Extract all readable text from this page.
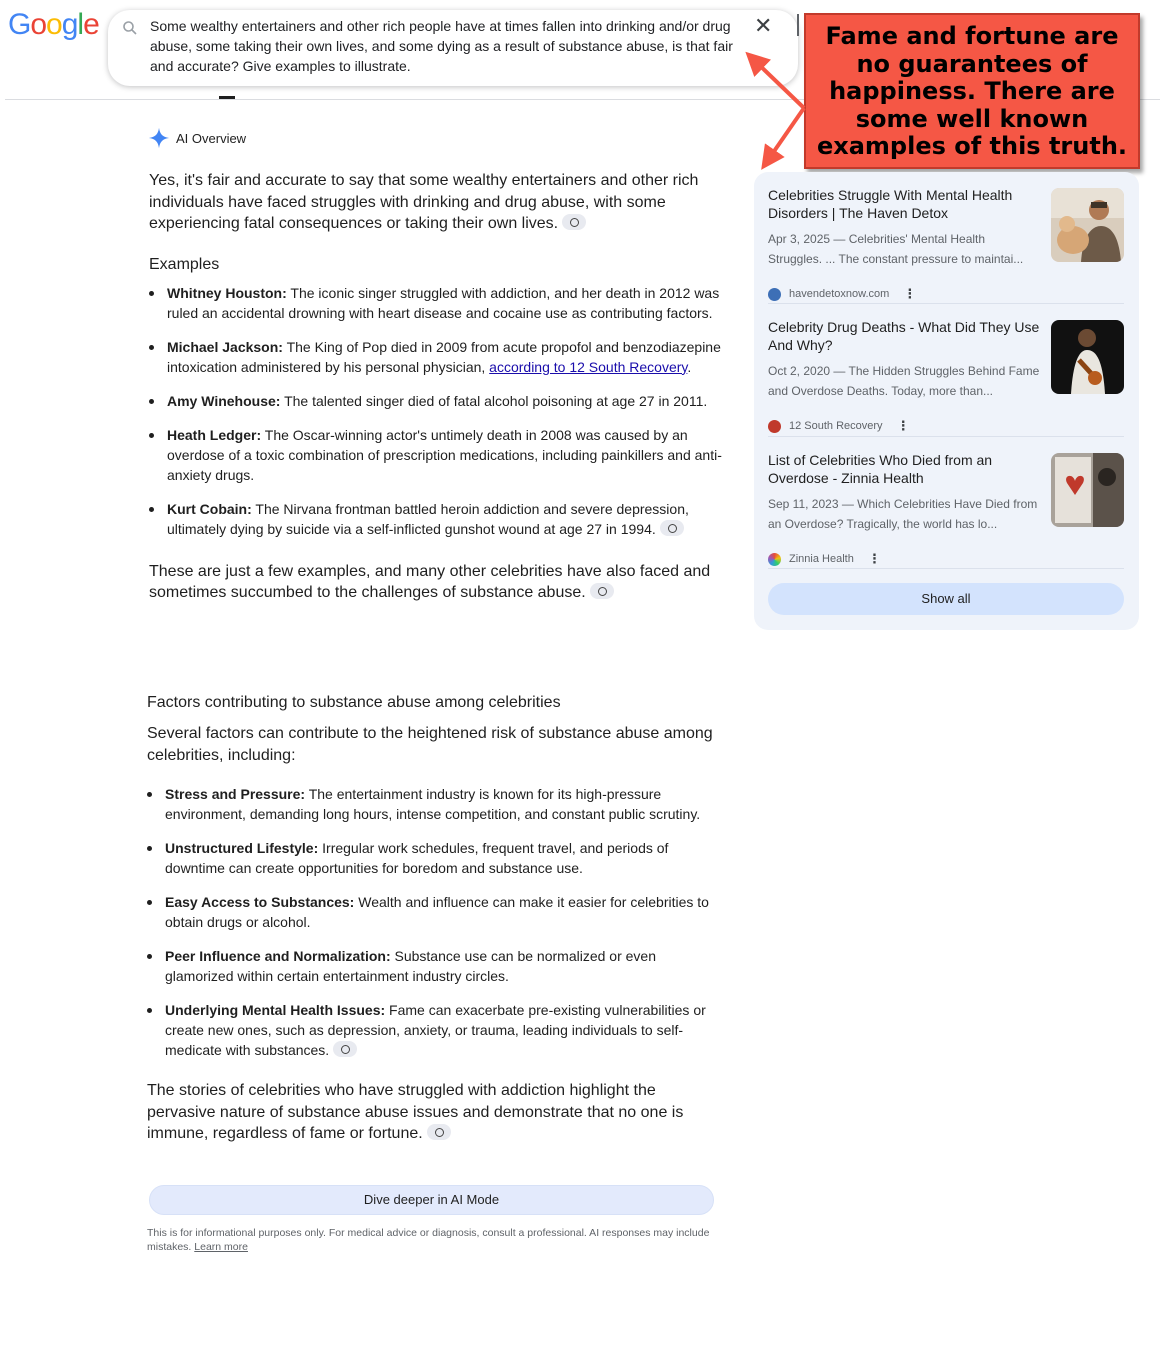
Google	Some wealthy entertainers and other rich people have at times fallen into drinking and/or drug abuse, some taking their own lives, and some dying as a result of substance abuse, is that fair and accurate? Give examples to illustrate.
✕	Fame and fortune are no guarantees of happiness. There are some well known examples of this truth.
AI Overview

Yes, it's fair and accurate to say that some wealthy entertainers and other rich individuals have faced struggles with drinking and drug abuse, with some experiencing fatal consequences or taking their own lives.

Examples
Whitney Houston: The iconic singer struggled with addiction, and her death in 2012 was ruled an accidental drowning with heart disease and cocaine use as contributing factors.
Michael Jackson: The King of Pop died in 2009 from acute propofol and benzodiazepine intoxication administered by his personal physician, according to 12 South Recovery.
Amy Winehouse: The talented singer died of fatal alcohol poisoning at age 27 in 2011.
Heath Ledger: The Oscar-winning actor's untimely death in 2008 was caused by an overdose of a toxic combination of prescription medications, including painkillers and anti-anxiety drugs.
Kurt Cobain: The Nirvana frontman battled heroin addiction and severe depression, ultimately dying by suicide via a self-inflicted gunshot wound at age 27 in 1994.

These are just a few examples, and many other celebrities have also faced and sometimes succumbed to the challenges of substance abuse.

Factors contributing to substance abuse among celebrities

Several factors can contribute to the heightened risk of substance abuse among celebrities, including:

Stress and Pressure: The entertainment industry is known for its high-pressure environment, demanding long hours, intense competition, and constant public scrutiny.
Unstructured Lifestyle: Irregular work schedules, frequent travel, and periods of downtime can create opportunities for boredom and substance use.
Easy Access to Substances: Wealth and influence can make it easier for celebrities to obtain drugs or alcohol.
Peer Influence and Normalization: Substance use can be normalized or even glamorized within certain entertainment industry circles.
Underlying Mental Health Issues: Fame can exacerbate pre-existing vulnerabilities or create new ones, such as depression, anxiety, or trauma, leading individuals to self-medicate with substances.

The stories of celebrities who have struggled with addiction highlight the pervasive nature of substance abuse issues and demonstrate that no one is immune, regardless of fame or fortune.

Dive deeper in AI Mode
This is for informational purposes only. For medical advice or diagnosis, consult a professional. AI responses may include mistakes. Learn more
Celebrities Struggle With Mental Health Disorders | The Haven Detox
Apr 3, 2025 — Celebrities' Mental Health Struggles. ... The constant pressure to maintai...
havendetoxnow.com ⋮
Celebrity Drug Deaths - What Did They Use And Why?
Oct 2, 2020 — The Hidden Struggles Behind Fame and Overdose Deaths. Today, more than...
12 South Recovery ⋮
List of Celebrities Who Died from an Overdose - Zinnia Health
Sep 11, 2023 — Which Celebrities Have Died from an Overdose? Tragically, the world has lo...
Zinnia Health ⋮
Show all
